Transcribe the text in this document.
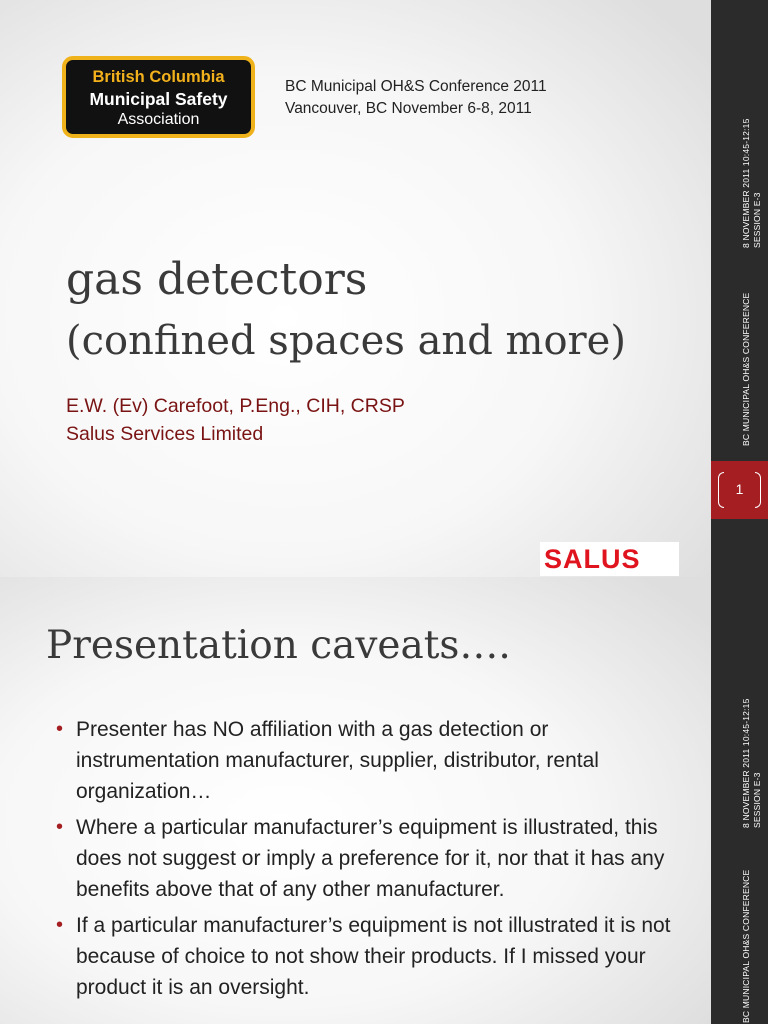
British Columbia
Municipal Safety
Association
BC Municipal OH&S Conference 2011
Vancouver, BC November 6-8, 2011
gas detectors
(confined spaces and more)
E.W. (Ev) Carefoot, P.Eng., CIH, CRSP
Salus Services Limited
SALUS
8 NOVEMBER 2011 10:45-12:15 SESSION E-3
BC MUNICIPAL OH&S CONFERENCE
1
Presentation caveats….
• Presenter has NO affiliation with a gas detection or instrumentation manufacturer, supplier, distributor, rental organization…
• Where a particular manufacturer’s equipment is illustrated, this does not suggest or imply a preference for it, nor that it has any benefits above that of any other manufacturer.
• If a particular manufacturer’s equipment is not illustrated it is not because of choice to not show their products. If I missed your product it is an oversight.
8 NOVEMBER 2011 10:45-12:15 SESSION E-3
BC MUNICIPAL OH&S CONFERENCE
